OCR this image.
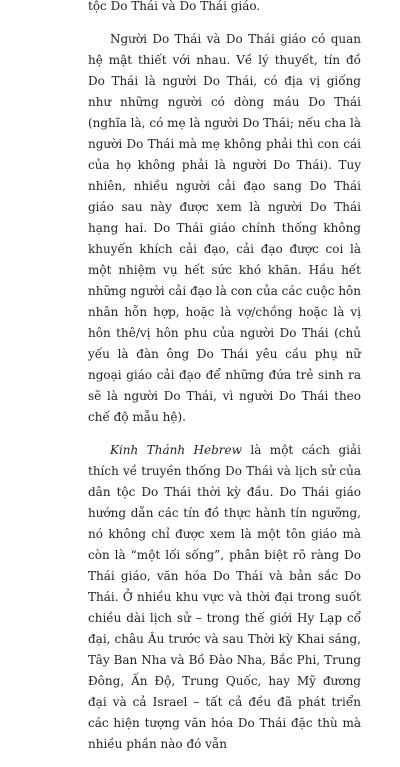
tộc Do Thái và Do Thái giáo.

Người Do Thái và Do Thái giáo có quan hệ mật thiết với nhau. Về lý thuyết, tín đồ Do Thái là người Do Thái, có địa vị giống như những người có dòng máu Do Thái (nghĩa là, có mẹ là người Do Thái; nếu cha là người Do Thái mà mẹ không phải thì con cái của họ không phải là người Do Thái). Tuy nhiên, nhiều người cải đạo sang Do Thái giáo sau này được xem là người Do Thái hạng hai. Do Thái giáo chính thống không khuyến khích cải đạo, cải đạo được coi là một nhiệm vụ hết sức khó khăn. Hầu hết những người cải đạo là con của các cuộc hôn nhân hỗn hợp, hoặc là vợ/chồng hoặc là vị hôn thê/vị hôn phu của người Do Thái (chủ yếu là đàn ông Do Thái yêu cầu phụ nữ ngoại giáo cải đạo để những đứa trẻ sinh ra sẽ là người Do Thái, vì người Do Thái theo chế độ mẫu hệ).

Kinh Thánh Hebrew là một cách giải thích về truyền thống Do Thái và lịch sử của dân tộc Do Thái thời kỳ đầu. Do Thái giáo hướng dẫn các tín đồ thực hành tín ngưỡng, nó không chỉ được xem là một tôn giáo mà còn là “một lối sống”, phân biệt rõ ràng Do Thái giáo, văn hóa Do Thái và bản sắc Do Thái. Ở nhiều khu vực và thời đại trong suốt chiều dài lịch sử – trong thế giới Hy Lạp cổ đại, châu Âu trước và sau Thời kỳ Khai sáng, Tây Ban Nha và Bồ Đào Nha, Bắc Phi, Trung Đông, Ấn Độ, Trung Quốc, hay Mỹ đương đại và cả Israel – tất cả đều đã phát triển các hiện tượng văn hóa Do Thái đặc thù mà nhiều phần nào đó vẫn
